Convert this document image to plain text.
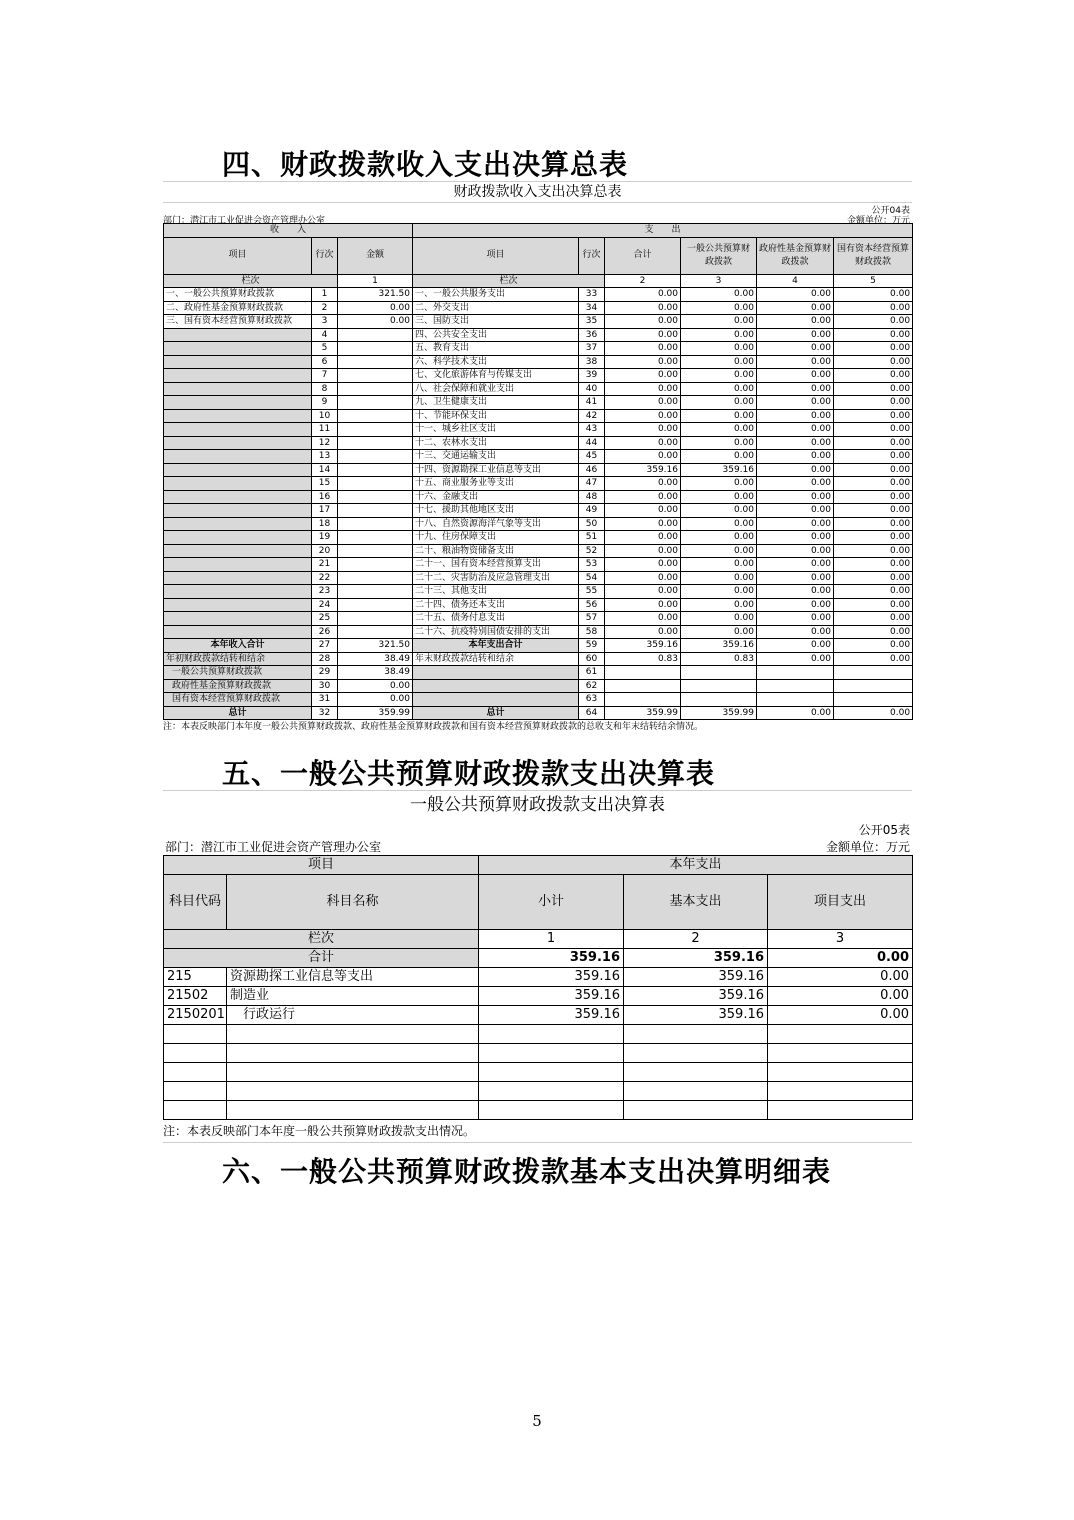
四、财政拨款收入支出决算总表
财政拨款收入支出决算总表
公开04表
部门：潜江市工业促进会资产管理办公室	金额单位：万元
收　　入			支　　出					
项目	行次	金额	项目	行次	合计	一般公共预算财政拨款	政府性基金预算财政拨款	国有资本经营预算财政拨款
栏次		1	栏次		2	3	4	5
一、一般公共预算财政拨款	1	321.50	一、一般公共服务支出	33	0.00	0.00	0.00	0.00
二、政府性基金预算财政拨款	2	0.00	二、外交支出	34	0.00	0.00	0.00	0.00
三、国有资本经营预算财政拨款	3	0.00	三、国防支出	35	0.00	0.00	0.00	0.00
	4		四、公共安全支出	36	0.00	0.00	0.00	0.00
	5		五、教育支出	37	0.00	0.00	0.00	0.00
	6		六、科学技术支出	38	0.00	0.00	0.00	0.00
	7		七、文化旅游体育与传媒支出	39	0.00	0.00	0.00	0.00
	8		八、社会保障和就业支出	40	0.00	0.00	0.00	0.00
	9		九、卫生健康支出	41	0.00	0.00	0.00	0.00
	10		十、节能环保支出	42	0.00	0.00	0.00	0.00
	11		十一、城乡社区支出	43	0.00	0.00	0.00	0.00
	12		十二、农林水支出	44	0.00	0.00	0.00	0.00
	13		十三、交通运输支出	45	0.00	0.00	0.00	0.00
	14		十四、资源勘探工业信息等支出	46	359.16	359.16	0.00	0.00
	15		十五、商业服务业等支出	47	0.00	0.00	0.00	0.00
	16		十六、金融支出	48	0.00	0.00	0.00	0.00
	17		十七、援助其他地区支出	49	0.00	0.00	0.00	0.00
	18		十八、自然资源海洋气象等支出	50	0.00	0.00	0.00	0.00
	19		十九、住房保障支出	51	0.00	0.00	0.00	0.00
	20		二十、粮油物资储备支出	52	0.00	0.00	0.00	0.00
	21		二十一、国有资本经营预算支出	53	0.00	0.00	0.00	0.00
	22		二十二、灾害防治及应急管理支出	54	0.00	0.00	0.00	0.00
	23		二十三、其他支出	55	0.00	0.00	0.00	0.00
	24		二十四、债务还本支出	56	0.00	0.00	0.00	0.00
	25		二十五、债务付息支出	57	0.00	0.00	0.00	0.00
	26		二十六、抗疫特别国债安排的支出	58	0.00	0.00	0.00	0.00
本年收入合计	27	321.50	本年支出合计	59	359.16	359.16	0.00	0.00
年初财政拨款结转和结余	28	38.49	年末财政拨款结转和结余	60	0.83	0.83	0.00	0.00
一般公共预算财政拨款	29	38.49		61				
政府性基金预算财政拨款	30	0.00		62				
国有资本经营预算财政拨款	31	0.00		63				
总计	32	359.99	总计	64	359.99	359.99	0.00	0.00
注：本表反映部门本年度一般公共预算财政拨款、政府性基金预算财政拨款和国有资本经营预算财政拨款的总收支和年末结转结余情况。
五、一般公共预算财政拨款支出决算表
一般公共预算财政拨款支出决算表
公开05表
部门：潜江市工业促进会资产管理办公室	金额单位：万元
项目		本年支出		
科目代码	科目名称	小计	基本支出	项目支出
栏次		1	2	3
合计		359.16	359.16	0.00
215	资源勘探工业信息等支出	359.16	359.16	0.00
21502	制造业	359.16	359.16	0.00
2150201	　行政运行	359.16	359.16	0.00

注：本表反映部门本年度一般公共预算财政拨款支出情况。
六、一般公共预算财政拨款基本支出决算明细表
5
